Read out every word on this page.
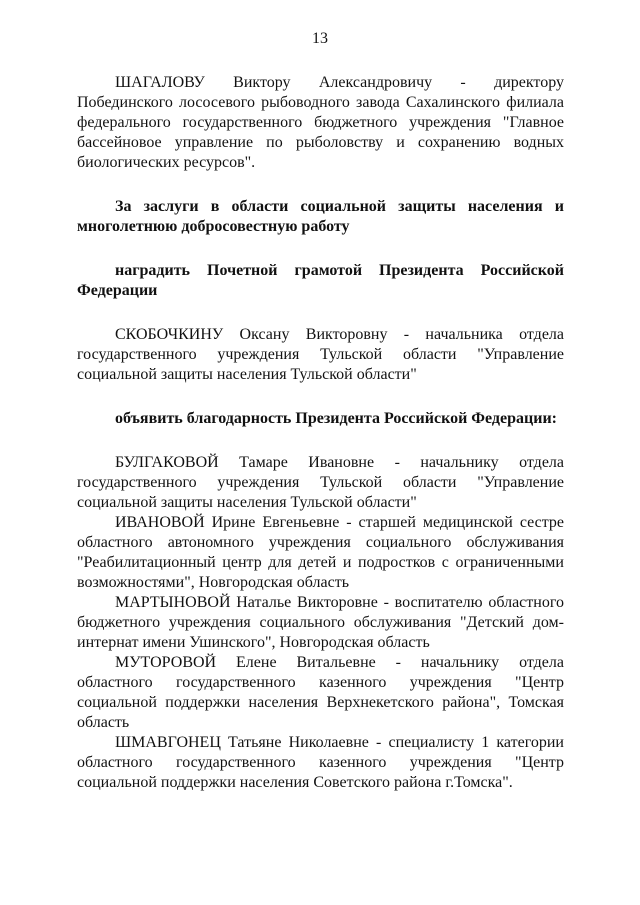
13

ШАГАЛОВУ Виктору Александровичу - директору Побединского лососевого рыбоводного завода Сахалинского филиала федерального государственного бюджетного учреждения "Главное бассейновое управление по рыболовству и сохранению водных биологических ресурсов".

За заслуги в области социальной защиты населения и многолетнюю добросовестную работу

наградить Почетной грамотой Президента Российской Федерации

СКОБОЧКИНУ Оксану Викторовну - начальника отдела государственного учреждения Тульской области "Управление социальной защиты населения Тульской области"

объявить благодарность Президента Российской Федерации:

БУЛГАКОВОЙ Тамаре Ивановне - начальнику отдела государственного учреждения Тульской области "Управление социальной защиты населения Тульской области"

ИВАНОВОЙ Ирине Евгеньевне - старшей медицинской сестре областного автономного учреждения социального обслуживания "Реабилитационный центр для детей и подростков с ограниченными возможностями", Новгородская область

МАРТЫНОВОЙ Наталье Викторовне - воспитателю областного бюджетного учреждения социального обслуживания "Детский дом-интернат имени Ушинского", Новгородская область

МУТОРОВОЙ Елене Витальевне - начальнику отдела областного государственного казенного учреждения "Центр социальной поддержки населения Верхнекетского района", Томская область

ШМАВГОНЕЦ Татьяне Николаевне - специалисту 1 категории областного государственного казенного учреждения "Центр социальной поддержки населения Советского района г.Томска".
